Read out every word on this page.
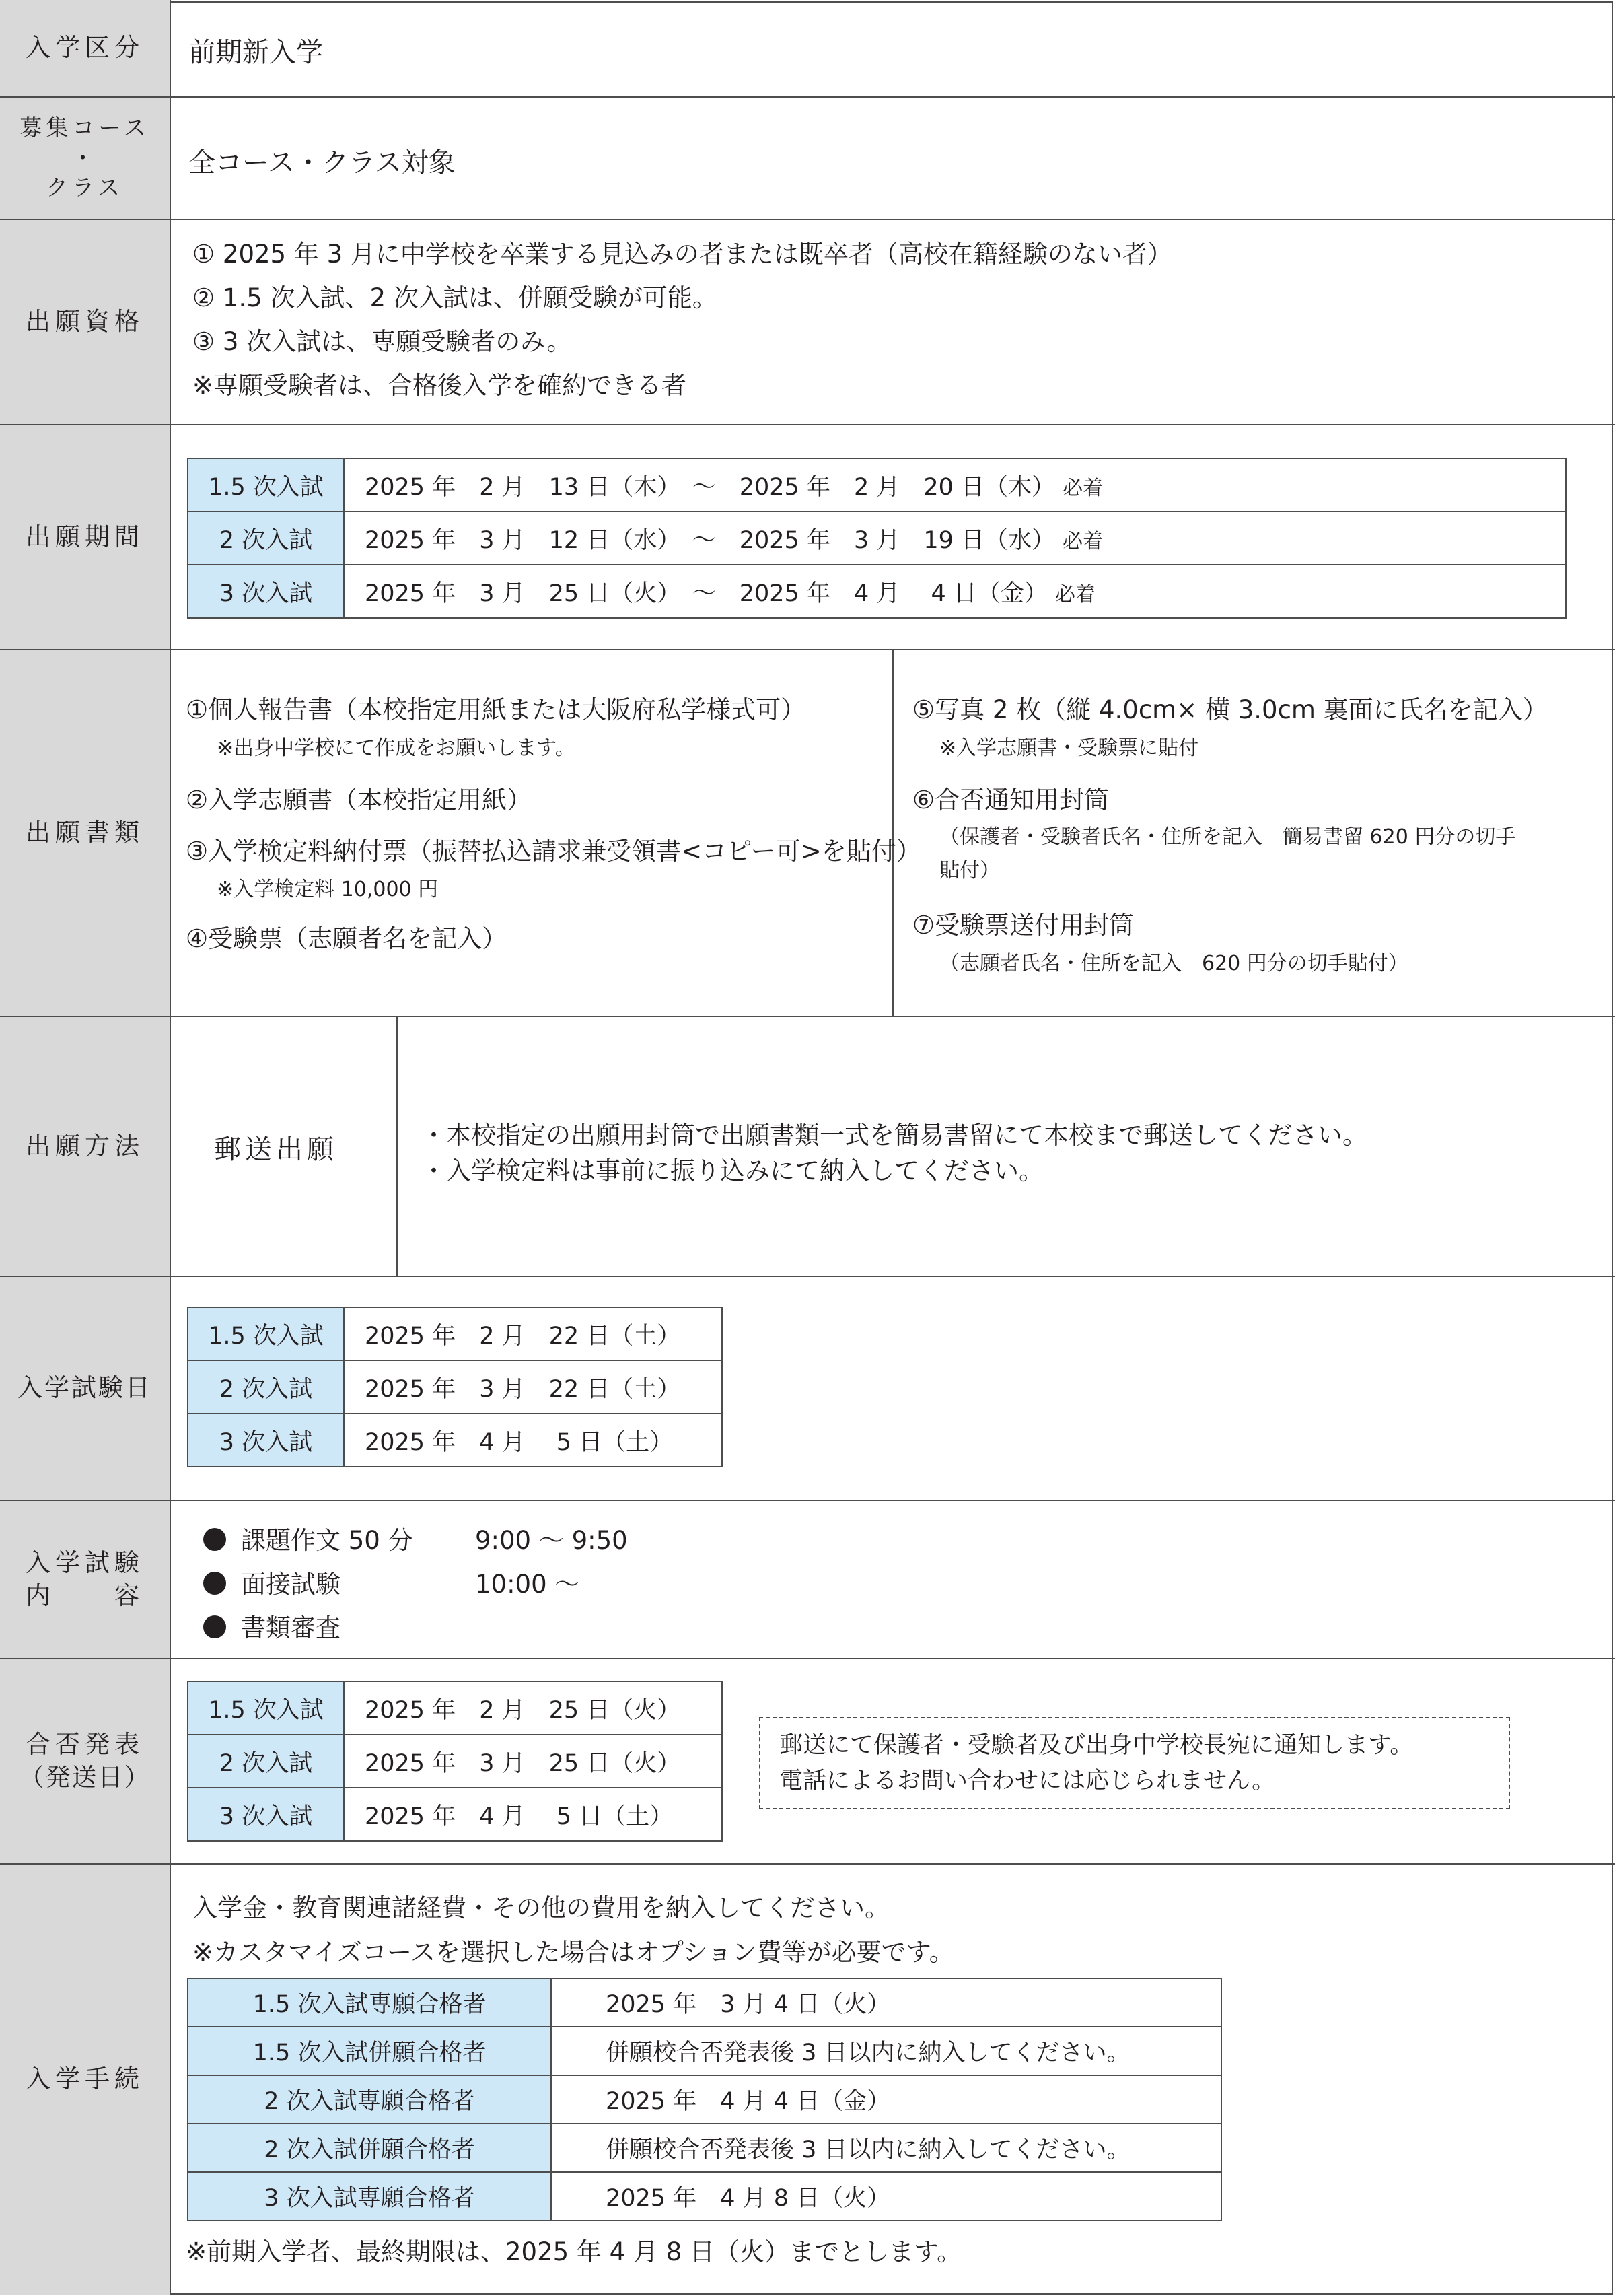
入学区分	前期新入学
募集コース
・
クラス
全コース・クラス対象
出願資格
① 2025 年 3 月に中学校を卒業する見込みの者または既卒者（高校在籍経験のない者）
② 1.5 次入試、2 次入試は、併願受験が可能。
③ 3 次入試は、専願受験者のみ。
※専願受験者は、合格後入学を確約できる者
出願期間
1.5 次入試	2025 年　2 月　13 日（木）　～　2025 年　2 月　20 日（木） 必着
2 次入試	2025 年　3 月　12 日（水）　～　2025 年　3 月　19 日（水） 必着
3 次入試	2025 年　3 月　25 日（火）　～　2025 年　4 月　 4 日（金） 必着
出願書類
①個人報告書（本校指定用紙または大阪府私学様式可）
※出身中学校にて作成をお願いします。
②入学志願書（本校指定用紙）
③入学検定料納付票（振替払込請求兼受領書<コピー可>を貼付）
※入学検定料 10,000 円
④受験票（志願者名を記入）
⑤写真 2 枚（縦 4.0cm× 横 3.0cm 裏面に氏名を記入）
※入学志願書・受験票に貼付
⑥合否通知用封筒
（保護者・受験者氏名・住所を記入　簡易書留 620 円分の切手
貼付）
⑦受験票送付用封筒
（志願者氏名・住所を記入　620 円分の切手貼付）
出願方法	郵送出願	・本校指定の出願用封筒で出願書類一式を簡易書留にて本校まで郵送してください。
・入学検定料は事前に振り込みにて納入してください。
入学試験日
1.5 次入試	2025 年　2 月　22 日（土）
2 次入試	2025 年　3 月　22 日（土）
3 次入試	2025 年　4 月　 5 日（土）
入学試験
内　　容
課題作文 50 分 9:00 ～ 9:50
面接試験	10:00 ～
書類審査
合否発表
（発送日）
1.5 次入試	2025 年　2 月　25 日（火）
2 次入試	2025 年　3 月　25 日（火）
3 次入試	2025 年　4 月　 5 日（土）
郵送にて保護者・受験者及び出身中学校長宛に通知します。
電話によるお問い合わせには応じられません。
入学手続
入学金・教育関連諸経費・その他の費用を納入してください。
※カスタマイズコースを選択した場合はオプション費等が必要です。
1.5 次入試専願合格者	2025 年　3 月 4 日（火）
1.5 次入試併願合格者	併願校合否発表後 3 日以内に納入してください。
2 次入試専願合格者	2025 年　4 月 4 日（金）
2 次入試併願合格者	併願校合否発表後 3 日以内に納入してください。
3 次入試専願合格者	2025 年　4 月 8 日（火）
※前期入学者、最終期限は、2025 年 4 月 8 日（火）までとします。
